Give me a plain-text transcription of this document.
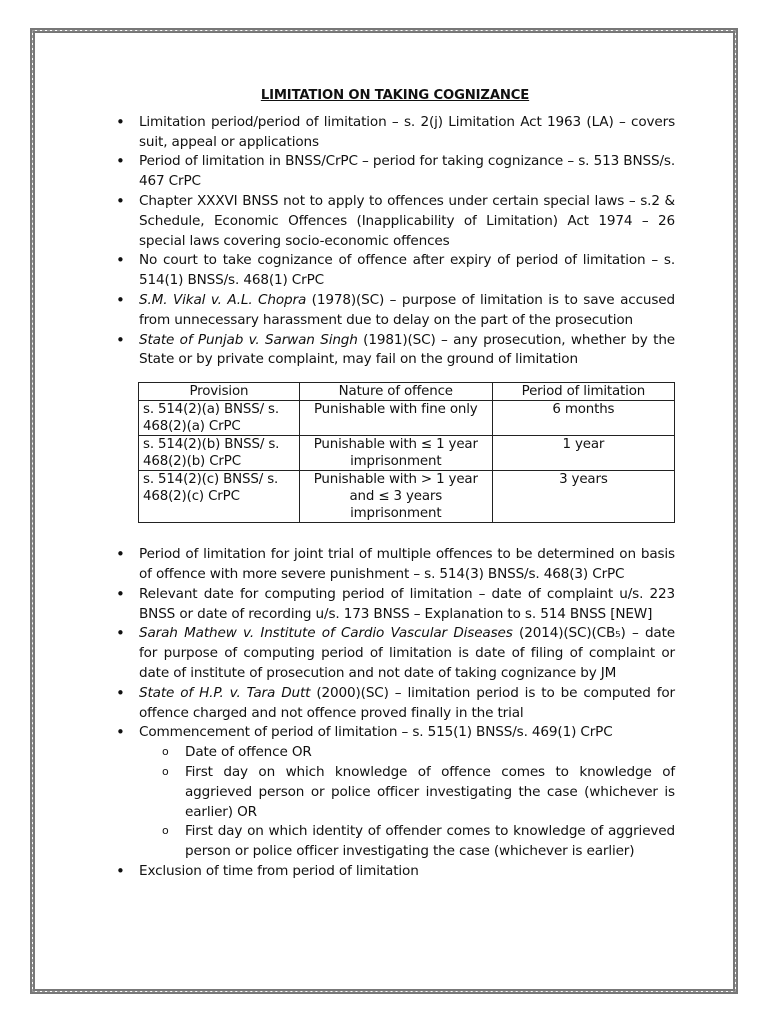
LIMITATION ON TAKING COGNIZANCE
• Limitation period/period of limitation – s. 2(j) Limitation Act 1963 (LA) – covers suit, appeal or applications
• Period of limitation in BNSS/CrPC – period for taking cognizance – s. 513 BNSS/s. 467 CrPC
• Chapter XXXVI BNSS not to apply to offences under certain special laws – s.2 & Schedule, Economic Offences (Inapplicability of Limitation) Act 1974 – 26 special laws covering socio-economic offences
• No court to take cognizance of offence after expiry of period of limitation – s. 514(1) BNSS/s. 468(1) CrPC
• S.M. Vikal v. A.L. Chopra (1978)(SC) – purpose of limitation is to save accused from unnecessary harassment due to delay on the part of the prosecution
• State of Punjab v. Sarwan Singh (1981)(SC) – any prosecution, whether by the State or by private complaint, may fail on the ground of limitation
Provision	Nature of offence	Period of limitation
s. 514(2)(a) BNSS/ s. 468(2)(a) CrPC	Punishable with fine only	6 months
s. 514(2)(b) BNSS/ s. 468(2)(b) CrPC	Punishable with ≤ 1 year imprisonment	1 year
s. 514(2)(c) BNSS/ s. 468(2)(c) CrPC	Punishable with > 1 year and ≤ 3 years imprisonment	3 years
• Period of limitation for joint trial of multiple offences to be determined on basis of offence with more severe punishment – s. 514(3) BNSS/s. 468(3) CrPC
• Relevant date for computing period of limitation – date of complaint u/s. 223 BNSS or date of recording u/s. 173 BNSS – Explanation to s. 514 BNSS [NEW]
• Sarah Mathew v. Institute of Cardio Vascular Diseases (2014)(SC)(CB₅) – date for purpose of computing period of limitation is date of filing of complaint or date of institute of prosecution and not date of taking cognizance by JM
• State of H.P. v. Tara Dutt (2000)(SC) – limitation period is to be computed for offence charged and not offence proved finally in the trial
• Commencement of period of limitation – s. 515(1) BNSS/s. 469(1) CrPC
o Date of offence OR
o First day on which knowledge of offence comes to knowledge of aggrieved person or police officer investigating the case (whichever is earlier) OR
o First day on which identity of offender comes to knowledge of aggrieved person or police officer investigating the case (whichever is earlier)
• Exclusion of time from period of limitation
